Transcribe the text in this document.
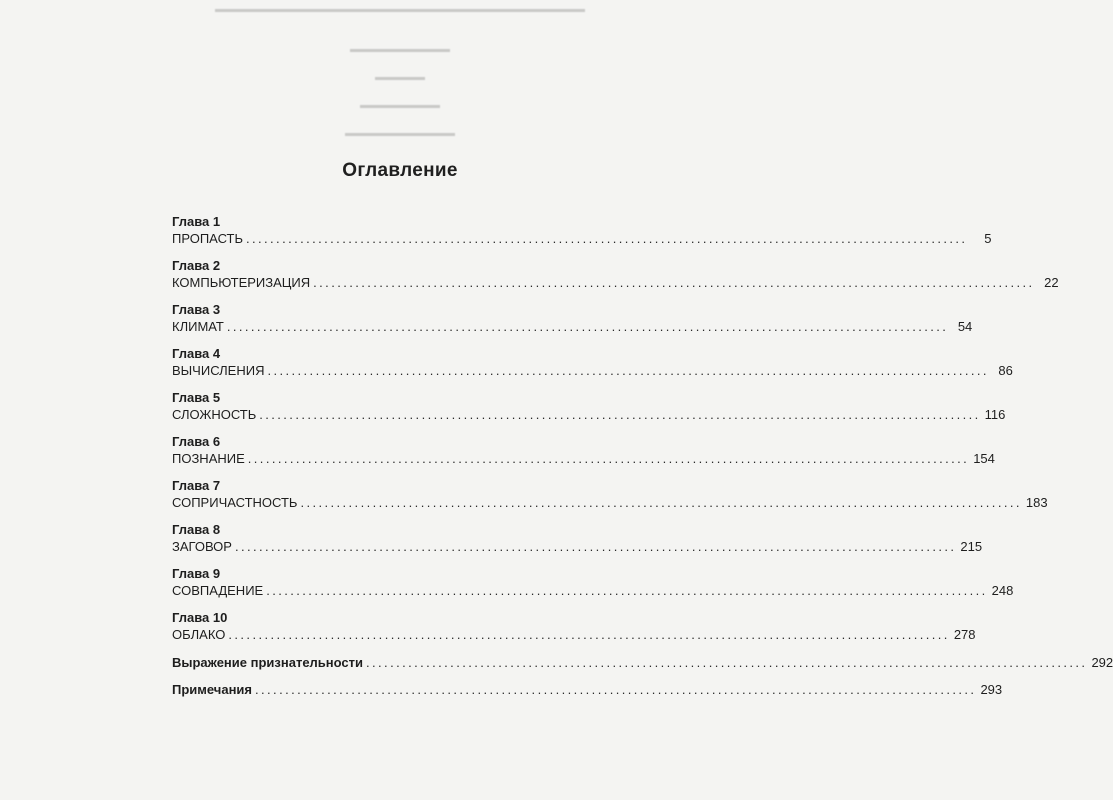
▬▬▬▬▬▬▬▬▬▬▬▬▬▬▬▬▬▬▬▬▬▬▬▬▬▬▬▬▬▬▬▬▬▬▬▬▬
▬▬▬▬▬▬▬▬▬▬
▬▬▬▬▬
▬▬▬▬▬▬▬▬
▬▬▬▬▬▬▬▬▬▬▬
Оглавление
Глава 1
ПРОПАСТЬ ........................................................................................................................	5
Глава 2
КОМПЬЮТЕРИЗАЦИЯ ........................................................................................................................ 22
Глава 3
КЛИМАТ ........................................................................................................................ 54
Глава 4
ВЫЧИСЛЕНИЯ ........................................................................................................................ 86
Глава 5
СЛОЖНОСТЬ ........................................................................................................................ 116
Глава 6
ПОЗНАНИЕ ........................................................................................................................ 154
Глава 7
СОПРИЧАСТНОСТЬ ........................................................................................................................ 183
Глава 8
ЗАГОВОР ........................................................................................................................ 215
Глава 9
СОВПАДЕНИЕ ........................................................................................................................ 248
Глава 10
ОБЛАКО ........................................................................................................................ 278
Выражение признательности ........................................................................................................................ 292
Примечания ........................................................................................................................ 293
